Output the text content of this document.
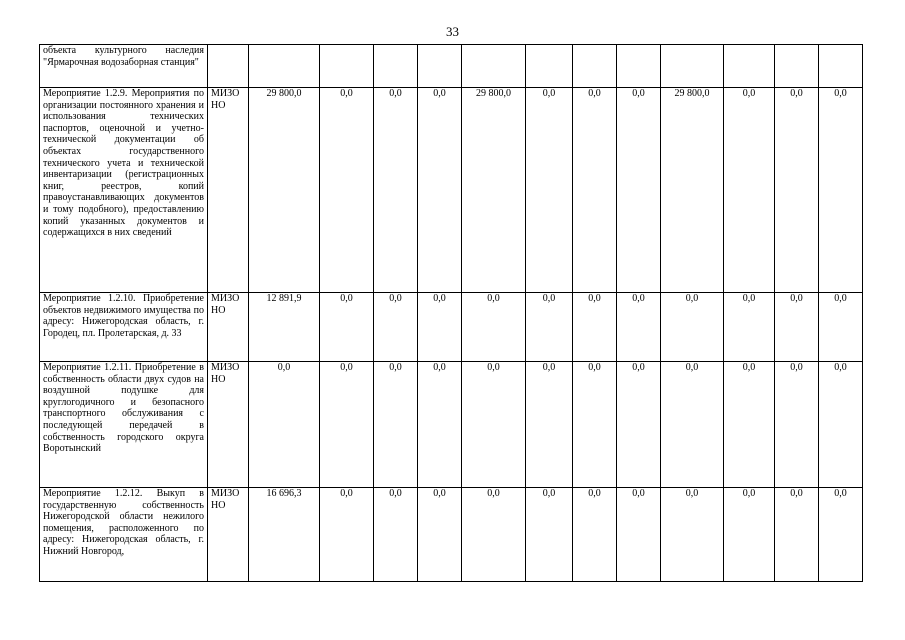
33
объекта культурного наследия "Ярмарочная водозаборная станция"													
Мероприятие 1.2.9. Мероприятия по организации постоянного хранения и использования технических паспортов, оценочной и учетно-технической документации об объектах государственного технического учета и технической инвентаризации (регистрационных книг, реестров, копий правоустанавливающих документов и тому подобного), предоставлению копий указанных документов и содержащихся в них сведений	МИЗО НО	29 800,0	0,0	0,0	0,0	29 800,0	0,0	0,0	0,0	29 800,0	0,0	0,0	0,0
Мероприятие 1.2.10. Приобретение объектов недвижимого имущества по адресу: Нижегородская область, г. Городец, пл. Пролетарская, д. 33	МИЗО НО	12 891,9	0,0	0,0	0,0	0,0	0,0	0,0	0,0	0,0	0,0	0,0	0,0
Мероприятие 1.2.11. Приобретение в собственность области двух судов на воздушной подушке для круглогодичного и безопасного транспортного обслуживания с последующей передачей в собственность городского округа Воротынский	МИЗО НО	0,0	0,0	0,0	0,0	0,0	0,0	0,0	0,0	0,0	0,0	0,0	0,0
Мероприятие 1.2.12. Выкуп в государственную собственность Нижегородской области нежилого помещения, расположенного по адресу: Нижегородская область, г. Нижний Новгород,	МИЗО НО	16 696,3	0,0	0,0	0,0	0,0	0,0	0,0	0,0	0,0	0,0	0,0	0,0
